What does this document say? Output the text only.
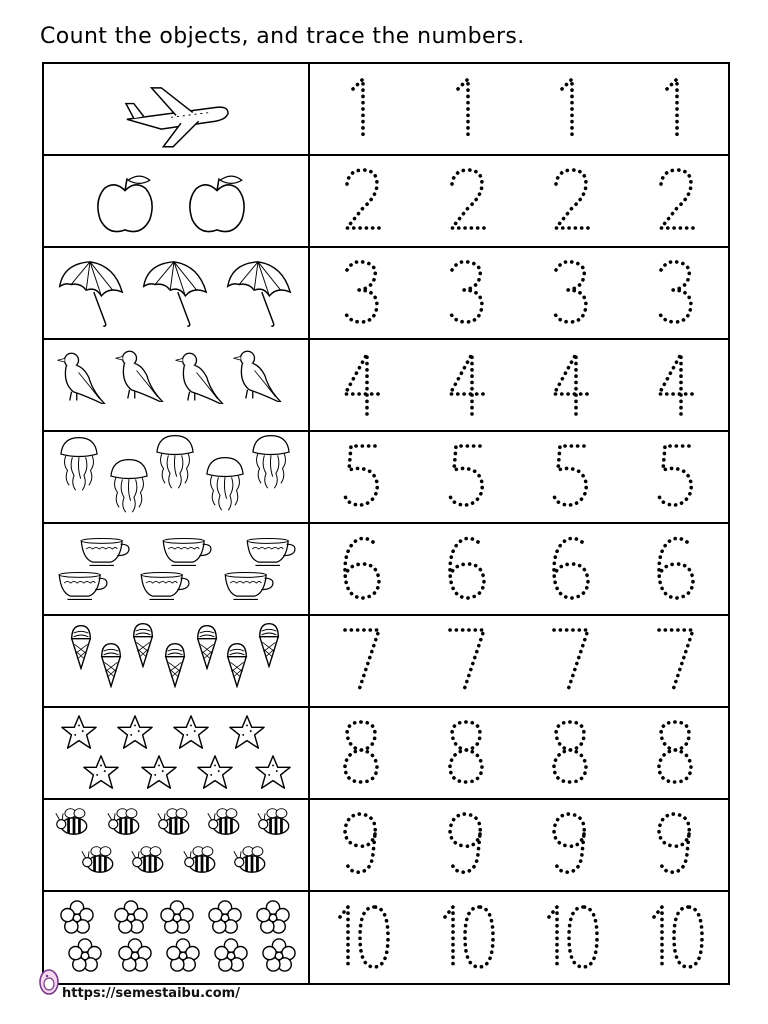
Count the objects, and trace the numbers.
https://semestaibu.com/
